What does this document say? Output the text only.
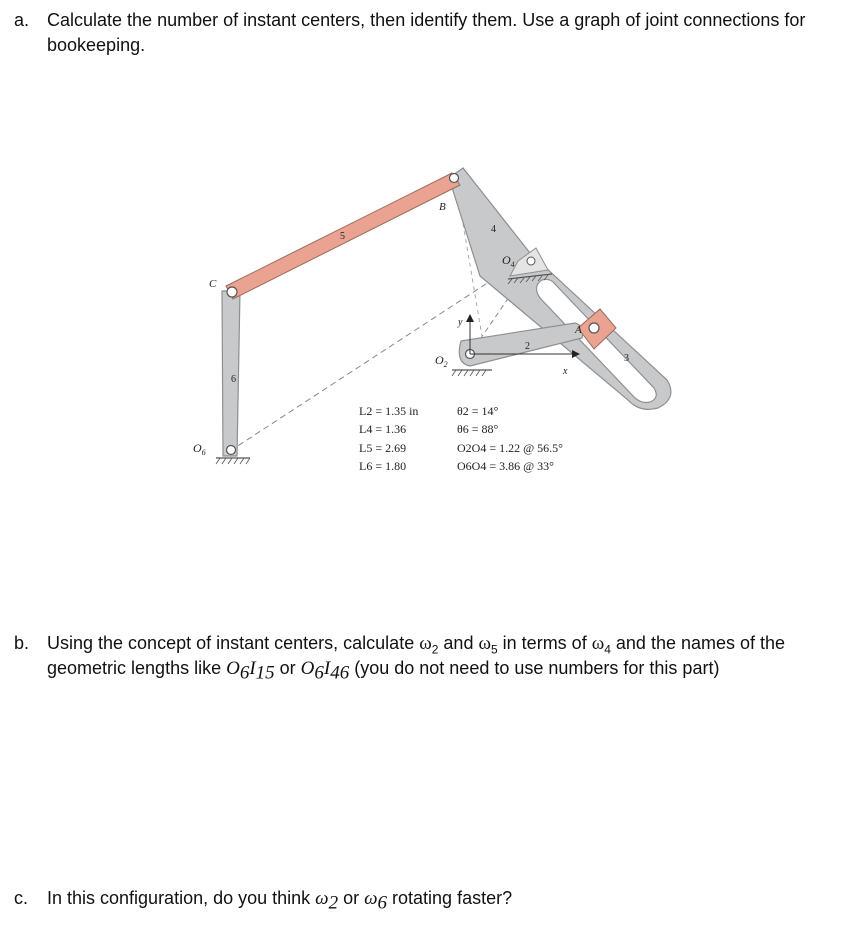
a. Calculate the number of instant centers, then identify them. Use a graph of joint connections for bookeeping.
B
C
A
$O_4$
$O_2$
$O_6$
2
3
4
5
6
x
y
L2 = 1.35 in
L4 = 1.36
L5 = 2.69
L6 = 1.80
θ2 = 14°
θ6 = 88°
O2O4 = 1.22 @ 56.5°
O6O4 = 3.86 @ 33°
b. Using the concept of instant centers, calculate $\omega_2$ and $\omega_5$ in terms of $\omega_4$ and the names of the geometric lengths like $O_6I_{15}$ or $O_6I_{46}$ (you do not need to use numbers for this part)
c.	In this configuration, do you think $\omega_2$ or $\omega_6$ rotating faster?
